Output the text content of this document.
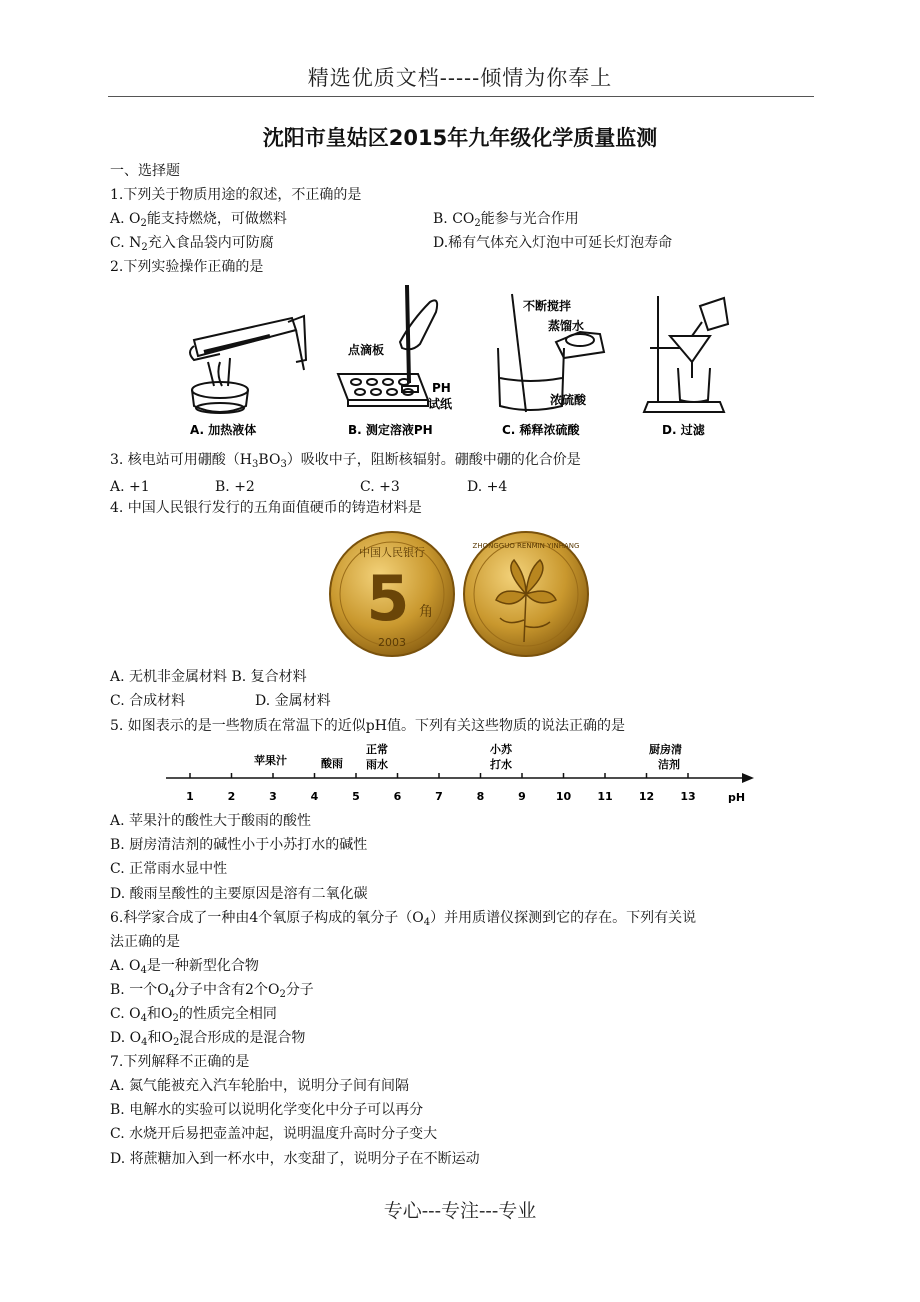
精选优质文档-----倾情为你奉上
沈阳市皇姑区2015年九年级化学质量监测
一、选择题
1.下列关于物质用途的叙述，不正确的是
A. $O_2$能支持燃烧，可做燃料	B. $CO_2$能参与光合作用
C. $N_2$充入食品袋内可防腐	D.稀有气体充入灯泡中可延长灯泡寿命
2.下列实验操作正确的是
A. 加热液体
点滴板
PH
试纸
B. 测定溶液PH
不断搅拌
蒸馏水
浓硫酸
C. 稀释浓硫酸	D. 过滤
3. 核电站可用硼酸$(H_3BO_3)$吸收中子，阻断核辐射。硼酸中硼的化合价是
A. +1	B. +2	C. +3	D. +4
4. 中国人民银行发行的五角面值硬币的铸造材料是
中国人民银行
5 角
2003
ZHONGGUO RENMIN YINHANG
A. 无机非金属材料 B. 复合材料
C. 合成材料	D. 金属材料
5. 如图表示的是一些物质在常温下的近似pH值。下列有关这些物质的说法正确的是
1	2	3	4	5	6	7	8	9	10 11 12 13	pH
苹果汁	酸雨
正常
雨水
小苏
打水
厨房清
洁剂
A. 苹果汁的酸性大于酸雨的酸性
B. 厨房清洁剂的碱性小于小苏打水的碱性
C. 正常雨水显中性
D. 酸雨呈酸性的主要原因是溶有二氧化碳
6.科学家合成了一种由4个氧原子构成的氧分子$(O_4)$并用质谱仪探测到它的存在。下列有关说
法正确的是
A. $O_4$是一种新型化合物
B. 一个$O_4$分子中含有2个$O_2$分子
C. $O_4$和$O_2$的性质完全相同
D. $O_4$和$O_2$混合形成的是混合物
7.下列解释不正确的是
A. 氮气能被充入汽车轮胎中，说明分子间有间隔
B. 电解水的实验可以说明化学变化中分子可以再分
C. 水烧开后易把壶盖冲起，说明温度升高时分子变大
D. 将蔗糖加入到一杯水中，水变甜了，说明分子在不断运动
专心---专注---专业
